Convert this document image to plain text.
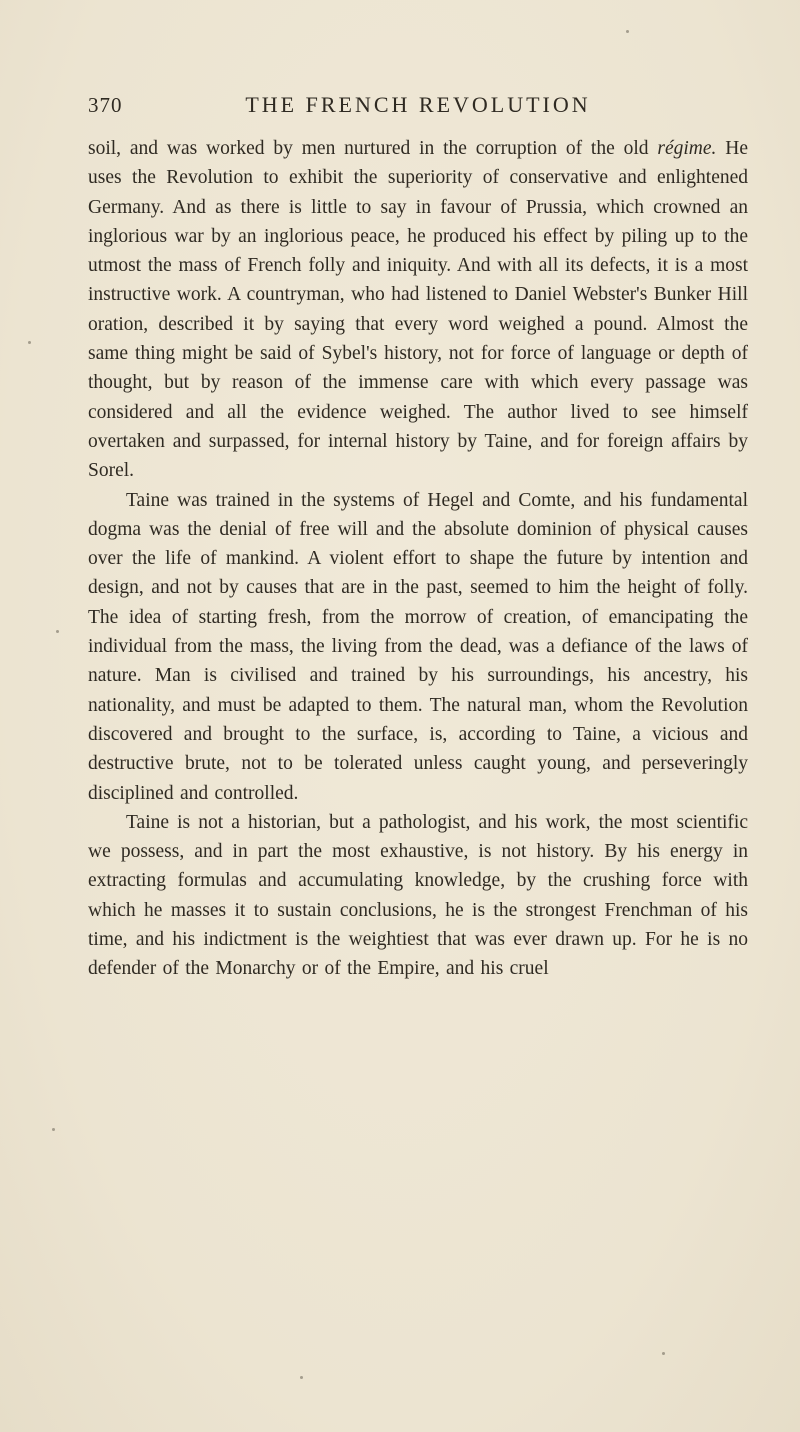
370	THE FRENCH REVOLUTION

soil, and was worked by men nurtured in the corruption of the old régime. He uses the Revolution to exhibit the superiority of conservative and enlightened Germany. And as there is little to say in favour of Prussia, which crowned an inglorious war by an inglorious peace, he produced his effect by piling up to the utmost the mass of French folly and iniquity. And with all its defects, it is a most instructive work. A countryman, who had listened to Daniel Webster's Bunker Hill oration, described it by saying that every word weighed a pound. Almost the same thing might be said of Sybel's history, not for force of language or depth of thought, but by reason of the immense care with which every passage was considered and all the evidence weighed. The author lived to see himself overtaken and surpassed, for internal history by Taine, and for foreign affairs by Sorel.

Taine was trained in the systems of Hegel and Comte, and his fundamental dogma was the denial of free will and the absolute dominion of physical causes over the life of mankind. A violent effort to shape the future by intention and design, and not by causes that are in the past, seemed to him the height of folly. The idea of starting fresh, from the morrow of creation, of emancipating the individual from the mass, the living from the dead, was a defiance of the laws of nature. Man is civilised and trained by his surroundings, his ancestry, his nationality, and must be adapted to them. The natural man, whom the Revolution discovered and brought to the surface, is, according to Taine, a vicious and destructive brute, not to be tolerated unless caught young, and perseveringly disciplined and controlled.

Taine is not a historian, but a pathologist, and his work, the most scientific we possess, and in part the most exhaustive, is not history. By his energy in extracting formulas and accumulating knowledge, by the crushing force with which he masses it to sustain conclusions, he is the strongest Frenchman of his time, and his indictment is the weightiest that was ever drawn up. For he is no defender of the Monarchy or of the Empire, and his cruel
